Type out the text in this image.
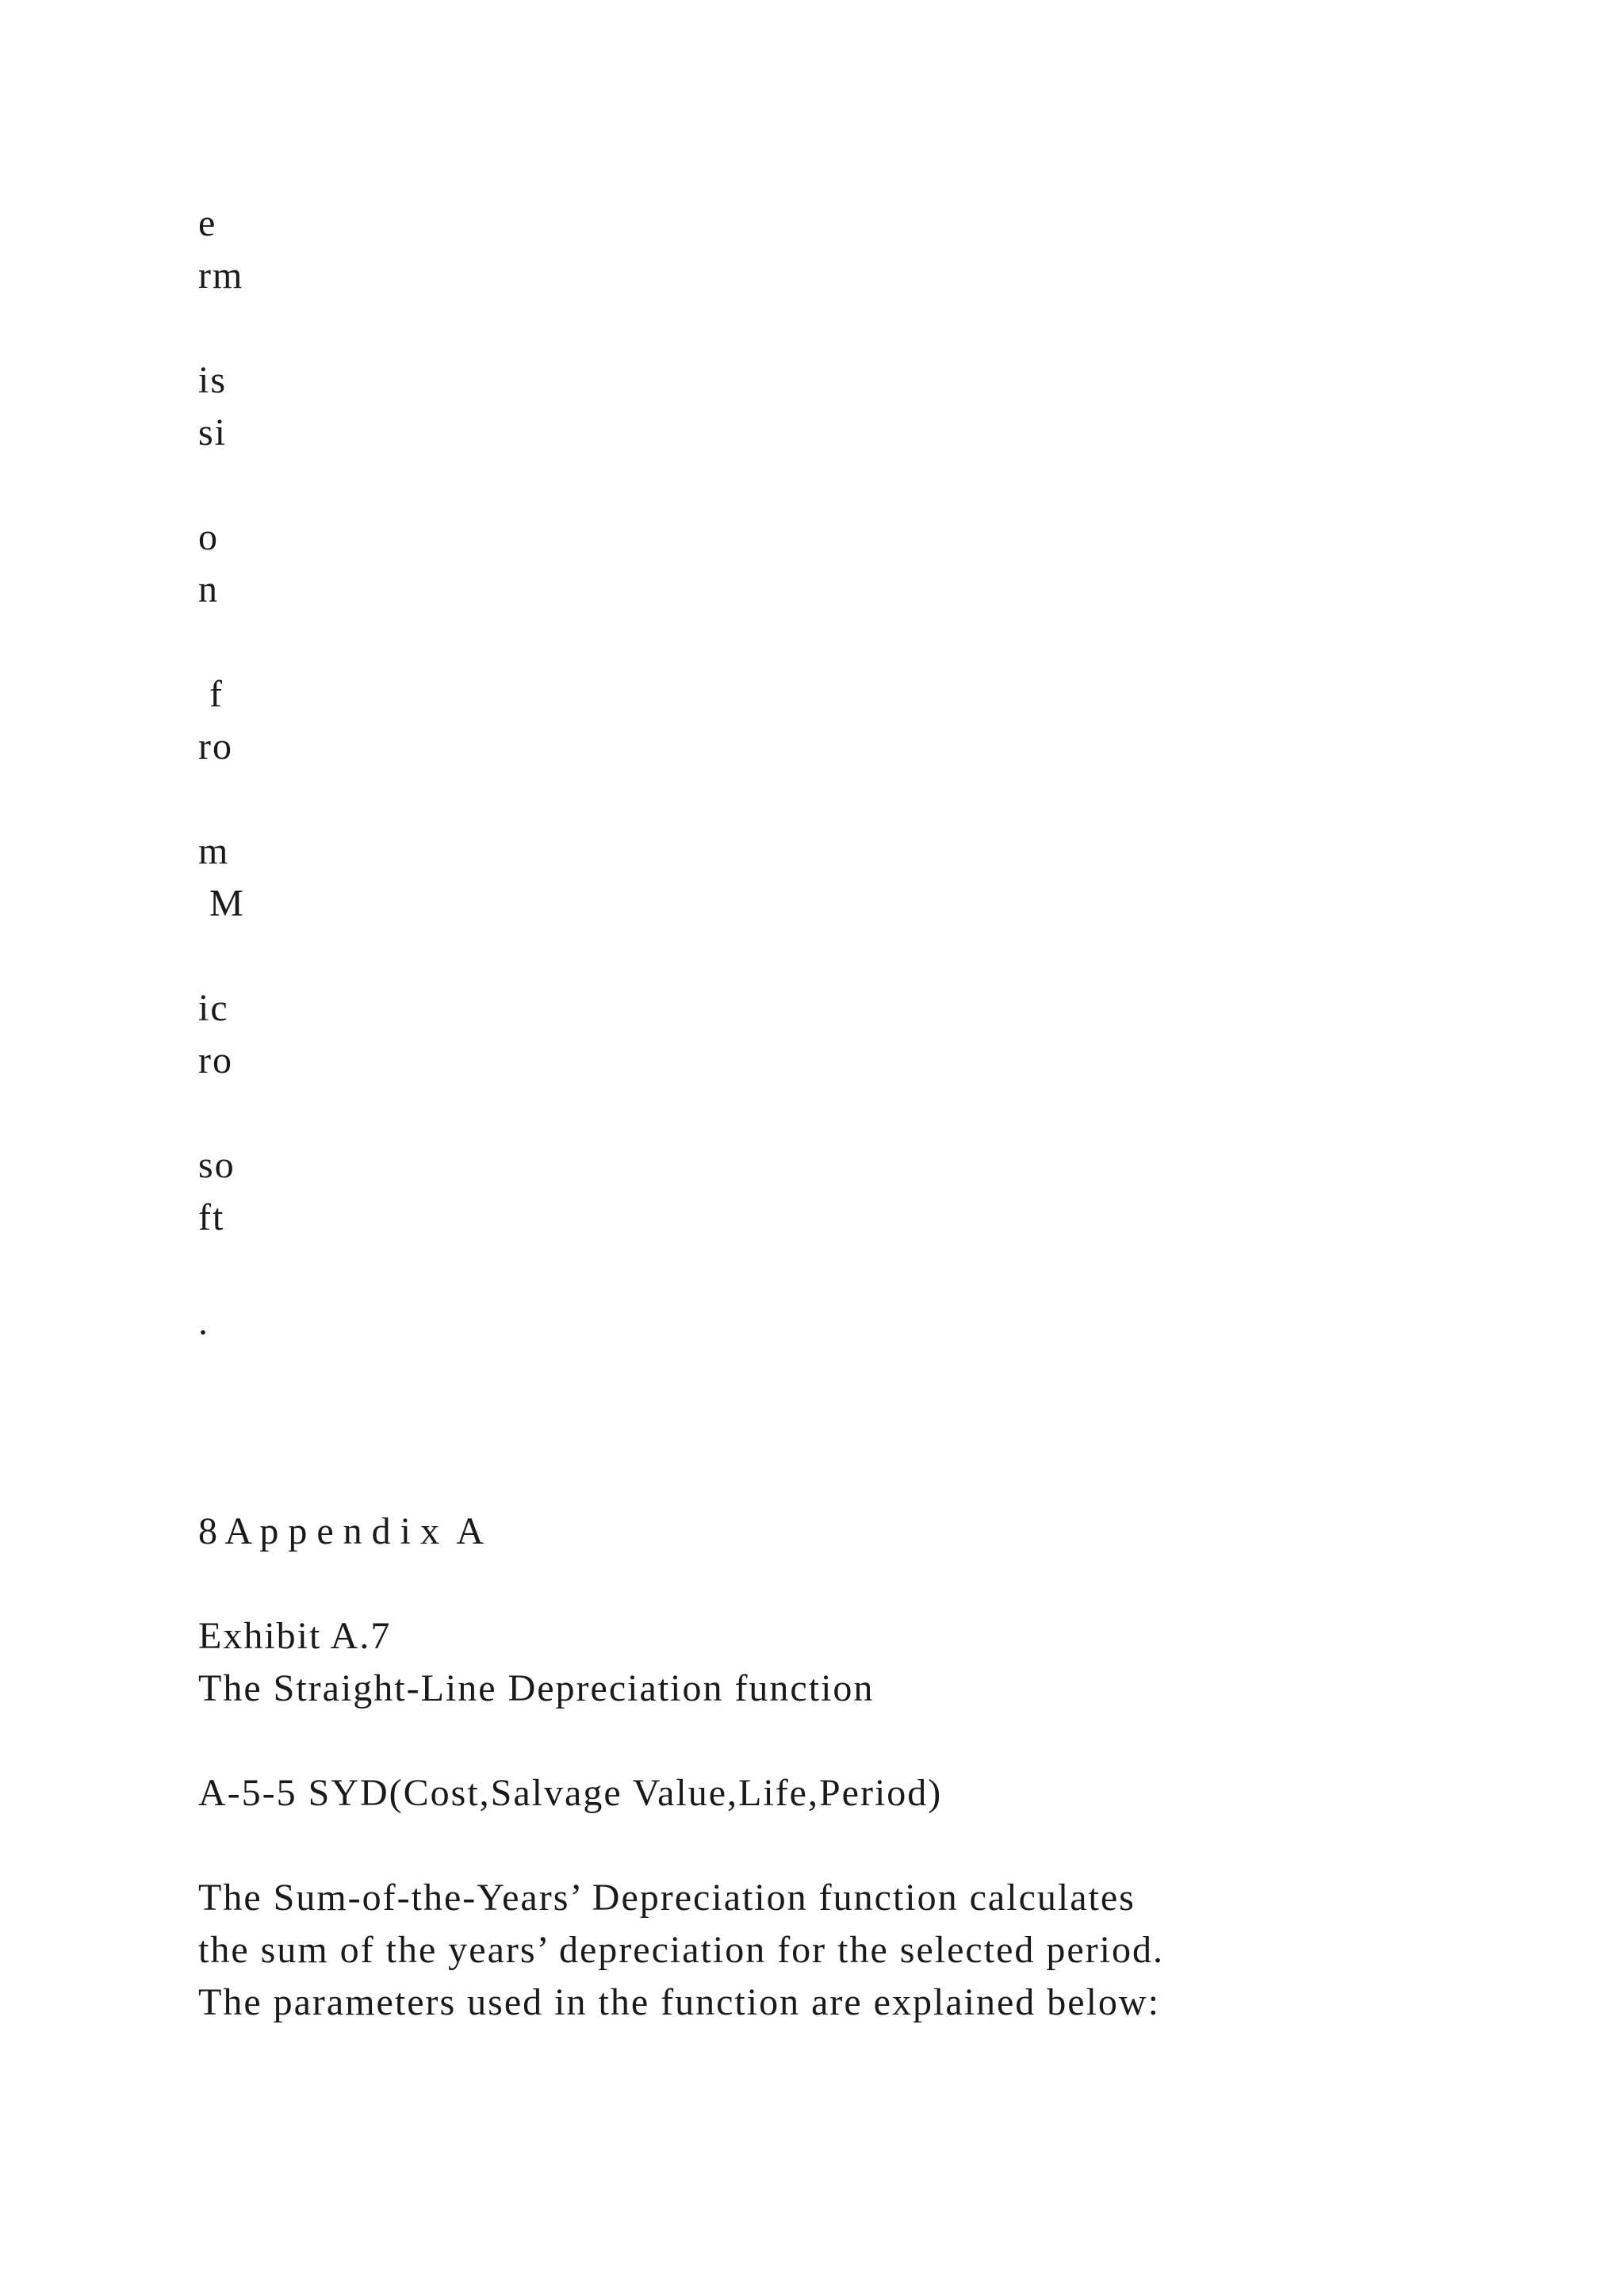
e
rm
is
si
o
n
f
ro
m
M
ic
ro
so
ft
.
8 A p p e n d i x  A
Exhibit A.7
The Straight-Line Depreciation function
A-5-5 SYD(Cost,Salvage Value,Life,Period)
The Sum-of-the-Years’ Depreciation function calculates
the sum of the years’ depreciation for the selected period.
The parameters used in the function are explained below:
